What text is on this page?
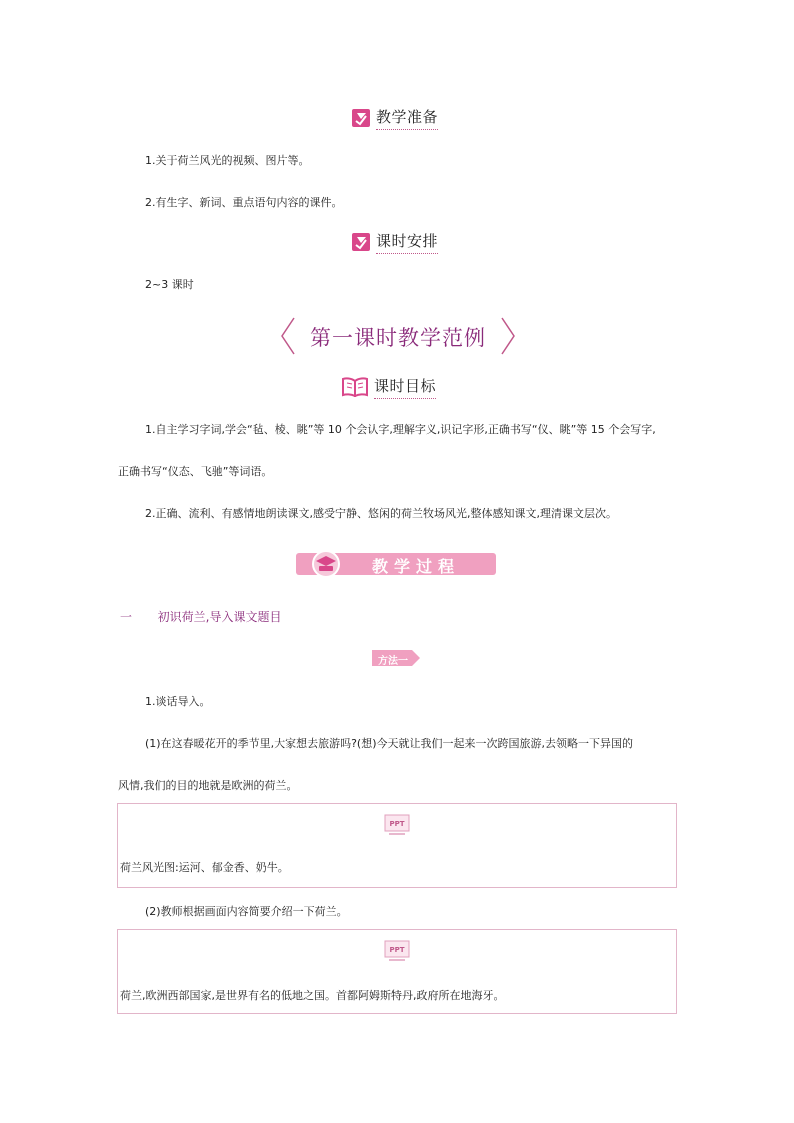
教学准备
1.关于荷兰风光的视频、图片等。
2.有生字、新词、重点语句内容的课件。
课时安排
2~3 课时
第一课时教学范例
课时目标
1.自主学习字词,学会“毡、棱、眺”等 10 个会认字,理解字义,识记字形,正确书写“仪、眺”等 15 个会写字,
正确书写“仪态、飞驰”等词语。
2.正确、流利、有感情地朗读课文,感受宁静、悠闲的荷兰牧场风光,整体感知课文,理清课文层次。
教学过程
一 初识荷兰,导入课文题目
方法一
1.谈话导入。
(1)在这春暖花开的季节里,大家想去旅游吗?(想)今天就让我们一起来一次跨国旅游,去领略一下异国的
风情,我们的目的地就是欧洲的荷兰。
PPT
荷兰风光图:运河、郁金香、奶牛。
(2)教师根据画面内容简要介绍一下荷兰。
PPT
荷兰,欧洲西部国家,是世界有名的低地之国。首都阿姆斯特丹,政府所在地海牙。
